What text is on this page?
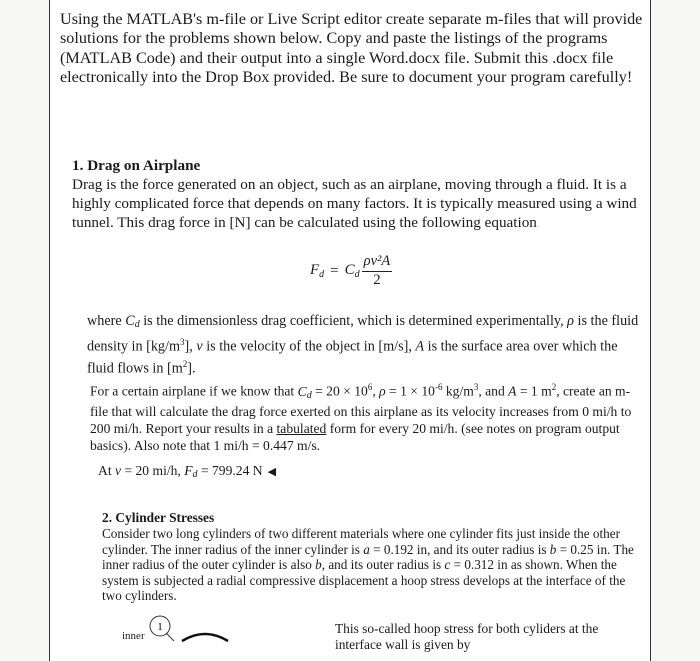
Using the MATLAB's m-file or Live Script editor create separate m-files that will provide solutions for the problems shown below. Copy and paste the listings of the programs (MATLAB Code) and their output into a single Word.docx file. Submit this .docx file electronically into the Drop Box provided. Be sure to document your program carefully!

1. Drag on Airplane

Drag is the force generated on an object, such as an airplane, moving through a fluid. It is a highly complicated force that depends on many factors. It is typically measured using a wind tunnel. This drag force in [N] can be calculated using the following equation

$F_d = C_d \frac{\text{ρv²A}}{2}$

where $C_d$ is the dimensionless drag coefficient, which is determined experimentally, ρ is the fluid density in $[kg/m^3]$, v is the velocity of the object in [m/s], A is the surface area over which the fluid flows in $[m^2]$.

For a certain airplane if we know that $Cd = 20 \times 10^6$, $\rho = 1 \times 10^{-6}$ $kg/m^3$, and A = 1 $m^2$, create an m-file that will calculate the drag force exerted on this airplane as its velocity increases from 0 mi/h to 200 mi/h. Report your results in a tabulated form for every 20 mi/h. (see notes on program output basics). Also note that 1 mi/h = 0.447 m/s.

At v = 20 mi/h, Fd = 799.24 N ◀

2. Cylinder Stresses

Consider two long cylinders of two different materials where one cylinder fits just inside the other cylinder. The inner radius of the inner cylinder is a = 0.192 in, and its outer radius is b = 0.25 in. The inner radius of the outer cylinder is also b, and its outer radius is c = 0.312 in as shown. When the system is subjected a radial compressive displacement a hoop stress develops at the interface of the two cylinders.

inner
1	This so-called hoop stress for both cyliders at the interface wall is given by
